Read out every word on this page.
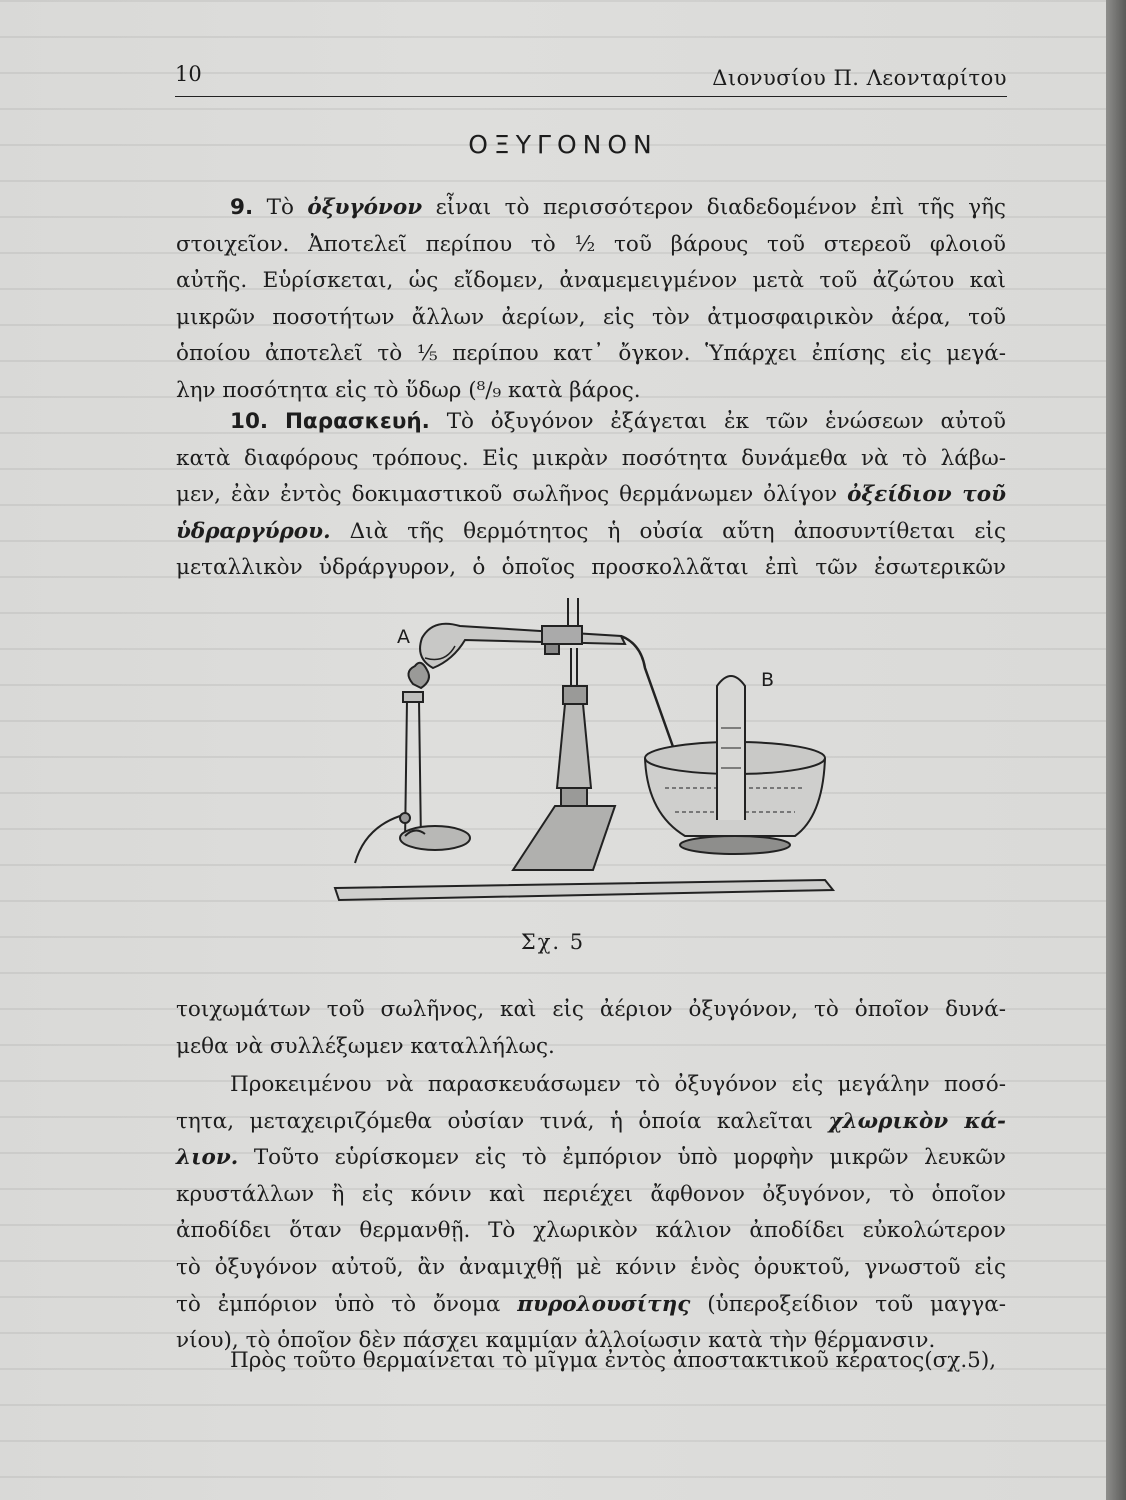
10	Διονυσίου Π. Λεονταρίτου
ΟΞΥΓΟΝΟΝ

9. Τὸ ὀξυγόνον εἶναι τὸ περισσότερον διαδεδομένον ἐπὶ τῆς γῆς

στοιχεῖον. Ἀποτελεῖ περίπου τὸ ½ τοῦ βάρους τοῦ στερεοῦ φλοιοῦ

αὐτῆς. Εὑρίσκεται, ὡς εἴδομεν, ἀναμεμειγμένον μετὰ τοῦ ἀζώτου καὶ

μικρῶν ποσοτήτων ἄλλων ἀερίων, εἰς τὸν ἀτμοσφαιρικὸν ἀέρα, τοῦ

ὁποίου ἀποτελεῖ τὸ ⅕ περίπου κατ᾽ ὄγκον. Ὑπάρχει ἐπίσης εἰς μεγά-

λην ποσότητα εἰς τὸ ὕδωρ (⁸/₉ κατὰ βάρος.

10. Παρασκευή. Τὸ ὀξυγόνον ἐξάγεται ἐκ τῶν ἑνώσεων αὐτοῦ

κατὰ διαφόρους τρόπους. Εἰς μικρὰν ποσότητα δυνάμεθα νὰ τὸ λάβω-

μεν, ἐὰν ἐντὸς δοκιμαστικοῦ σωλῆνος θερμάνωμεν ὀλίγον ὀξείδιον τοῦ

ὑδραργύρου. Διὰ τῆς θερμότητος ἡ οὐσία αὕτη ἀποσυντίθεται εἰς

μεταλλικὸν ὑδράργυρον, ὁ ὁποῖος προσκολλᾶται ἐπὶ τῶν ἐσωτερικῶν

A
B
Σχ. 5

τοιχωμάτων τοῦ σωλῆνος, καὶ εἰς ἀέριον ὀξυγόνον, τὸ ὁποῖον δυνά-

μεθα νὰ συλλέξωμεν καταλλήλως.

Προκειμένου νὰ παρασκευάσωμεν τὸ ὀξυγόνον εἰς μεγάλην ποσό-

τητα, μεταχειριζόμεθα οὐσίαν τινά, ἡ ὁποία καλεῖται χλωρικὸν κά-

λιον. Τοῦτο εὑρίσκομεν εἰς τὸ ἐμπόριον ὑπὸ μορφὴν μικρῶν λευκῶν

κρυστάλλων ἢ εἰς κόνιν καὶ περιέχει ἄφθονον ὀξυγόνον, τὸ ὁποῖον

ἀποδίδει ὅταν θερμανθῇ. Τὸ χλωρικὸν κάλιον ἀποδίδει εὐκολώτερον

τὸ ὀξυγόνον αὐτοῦ, ἂν ἀναμιχθῇ μὲ κόνιν ἑνὸς ὀρυκτοῦ, γνωστοῦ εἰς

τὸ ἐμπόριον ὑπὸ τὸ ὄνομα πυρολουσίτης (ὑπεροξείδιον τοῦ μαγγα-

νίου), τὸ ὁποῖον δὲν πάσχει καμμίαν ἀλλοίωσιν κατὰ τὴν θέρμανσιν.

Πρὸς τοῦτο θερμαίνεται τὸ μῖγμα ἐντὸς ἀποστακτικοῦ κέρατος(σχ.5),
